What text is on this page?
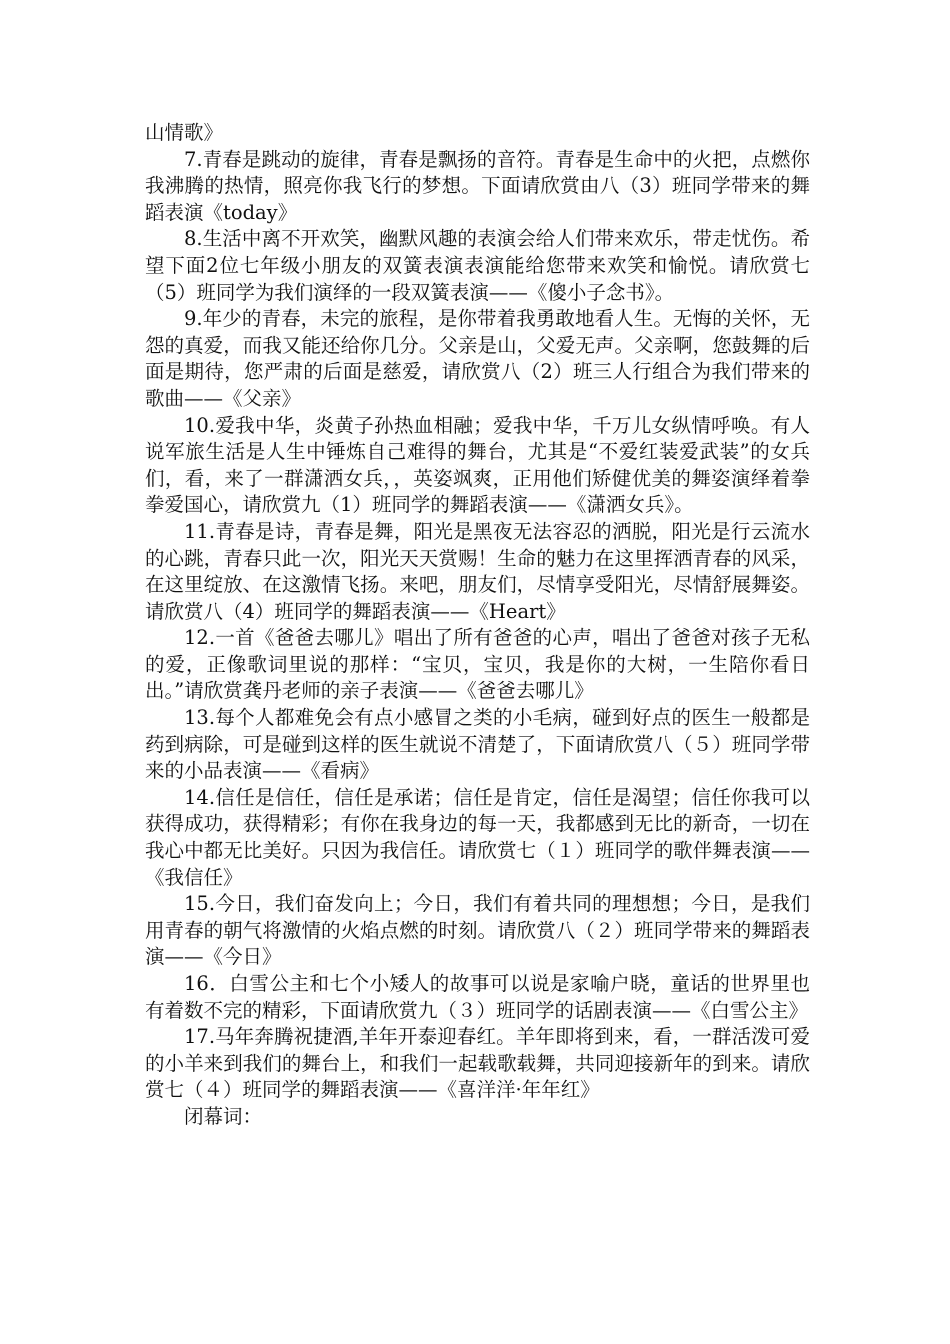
山情歌》

7.青春是跳动的旋律，青春是飘扬的音符。青春是生命中的火把，点燃你我沸腾的热情，照亮你我飞行的梦想。下面请欣赏由八（3）班同学带来的舞蹈表演《today》

8.生活中离不开欢笑，幽默风趣的表演会给人们带来欢乐，带走忧伤。希望下面2位七年级小朋友的双簧表演表演能给您带来欢笑和愉悦。请欣赏七（5）班同学为我们演绎的一段双簧表演——《傻小子念书》。

9.年少的青春，未完的旅程，是你带着我勇敢地看人生。无悔的关怀，无怨的真爱，而我又能还给你几分。父亲是山，父爱无声。父亲啊，您鼓舞的后面是期待，您严肃的后面是慈爱，请欣赏八（2）班三人行组合为我们带来的歌曲——《父亲》

10.爱我中华，炎黄子孙热血相融；爱我中华，千万儿女纵情呼唤。有人说军旅生活是人生中锤炼自己难得的舞台，尤其是“不爱红装爱武装”的女兵们，看，来了一群潇洒女兵，，英姿飒爽，正用他们矫健优美的舞姿演绎着拳拳爱国心，请欣赏九（1）班同学的舞蹈表演——《潇洒女兵》。

11.青春是诗，青春是舞，阳光是黑夜无法容忍的洒脱，阳光是行云流水的心跳，青春只此一次，阳光天天赏赐！生命的魅力在这里挥洒青春的风采，在这里绽放、在这激情飞扬。来吧，朋友们，尽情享受阳光，尽情舒展舞姿。请欣赏八（4）班同学的舞蹈表演——《Heart》

12.一首《爸爸去哪儿》唱出了所有爸爸的心声，唱出了爸爸对孩子无私的爱，正像歌词里说的那样：“宝贝，宝贝，我是你的大树，一生陪你看日出。”请欣赏龚丹老师的亲子表演——《爸爸去哪儿》

13.每个人都难免会有点小感冒之类的小毛病，碰到好点的医生一般都是药到病除，可是碰到这样的医生就说不清楚了，下面请欣赏八（５）班同学带来的小品表演——《看病》

14.信任是信任，信任是承诺；信任是肯定，信任是渴望；信任你我可以获得成功，获得精彩；有你在我身边的每一天，我都感到无比的新奇，一切在我心中都无比美好。只因为我信任。请欣赏七（１）班同学的歌伴舞表演——《我信任》

15.今日，我们奋发向上；今日，我们有着共同的理想想；今日，是我们用青春的朝气将激情的火焰点燃的时刻。请欣赏八（２）班同学带来的舞蹈表演——《今日》

16．白雪公主和七个小矮人的故事可以说是家喻户晓，童话的世界里也有着数不完的精彩，下面请欣赏九（３）班同学的话剧表演——《白雪公主》

17.马年奔腾祝捷酒,羊年开泰迎春红。羊年即将到来，看，一群活泼可爱的小羊来到我们的舞台上，和我们一起载歌载舞，共同迎接新年的到来。请欣赏七（４）班同学的舞蹈表演——《喜洋洋·年年红》

闭幕词：
